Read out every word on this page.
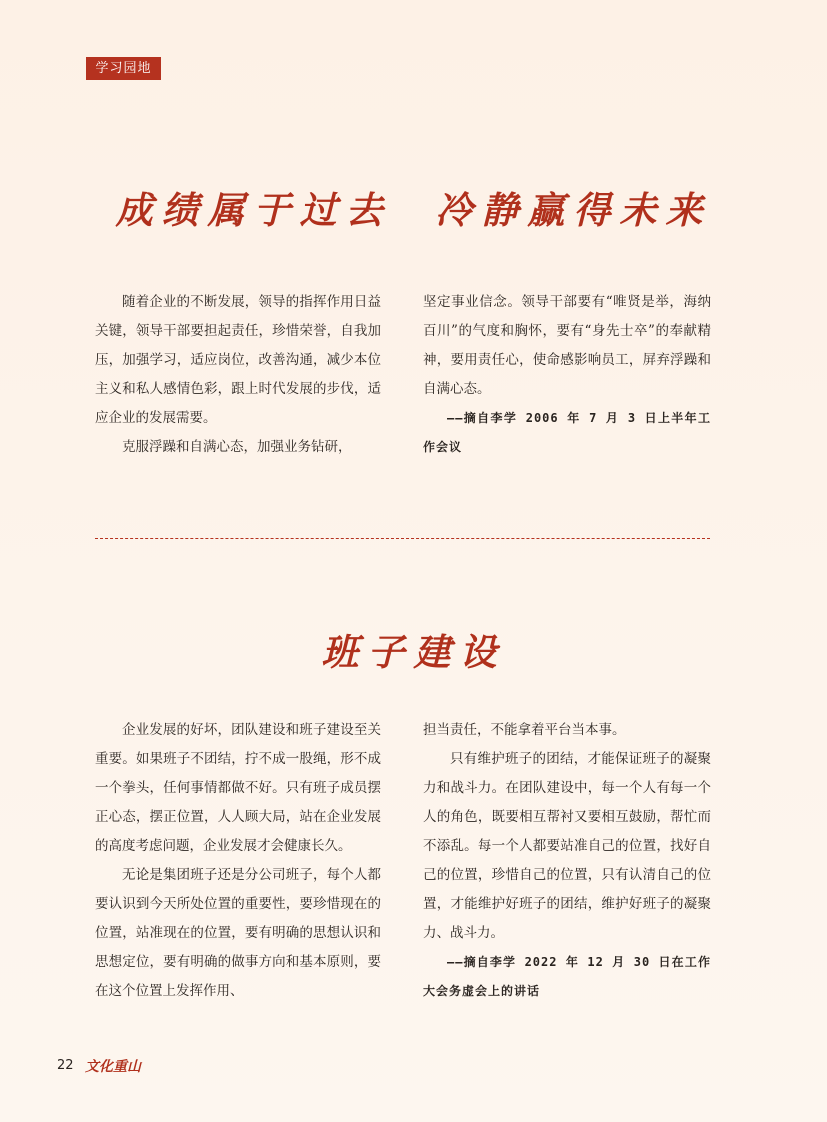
学习园地
成绩属于过去  冷静赢得未来

随着企业的不断发展，领导的指挥作用日益关键，领导干部要担起责任，珍惜荣誉，自我加压，加强学习，适应岗位，改善沟通，减少本位主义和私人感情色彩，跟上时代发展的步伐，适应企业的发展需要。

克服浮躁和自满心态，加强业务钻研，

坚定事业信念。领导干部要有“唯贤是举，海纳百川”的气度和胸怀，要有“身先士卒”的奉献精神，要用责任心，使命感影响员工，屏弃浮躁和自满心态。

——摘自李学 2006 年 7 月 3 日上半年工作会议

班子建设

企业发展的好坏，团队建设和班子建设至关重要。如果班子不团结，拧不成一股绳，形不成一个拳头，任何事情都做不好。只有班子成员摆正心态，摆正位置，人人顾大局，站在企业发展的高度考虑问题，企业发展才会健康长久。

无论是集团班子还是分公司班子，每个人都要认识到今天所处位置的重要性，要珍惜现在的位置，站准现在的位置，要有明确的思想认识和思想定位，要有明确的做事方向和基本原则，要在这个位置上发挥作用、

担当责任，不能拿着平台当本事。

只有维护班子的团结，才能保证班子的凝聚力和战斗力。在团队建设中，每一个人有每一个人的角色，既要相互帮衬又要相互鼓励，帮忙而不添乱。每一个人都要站准自己的位置，找好自己的位置，珍惜自己的位置，只有认清自己的位置，才能维护好班子的团结，维护好班子的凝聚力、战斗力。

——摘自李学 2022 年 12 月 30 日在工作大会务虚会上的讲话

22 文化重山
